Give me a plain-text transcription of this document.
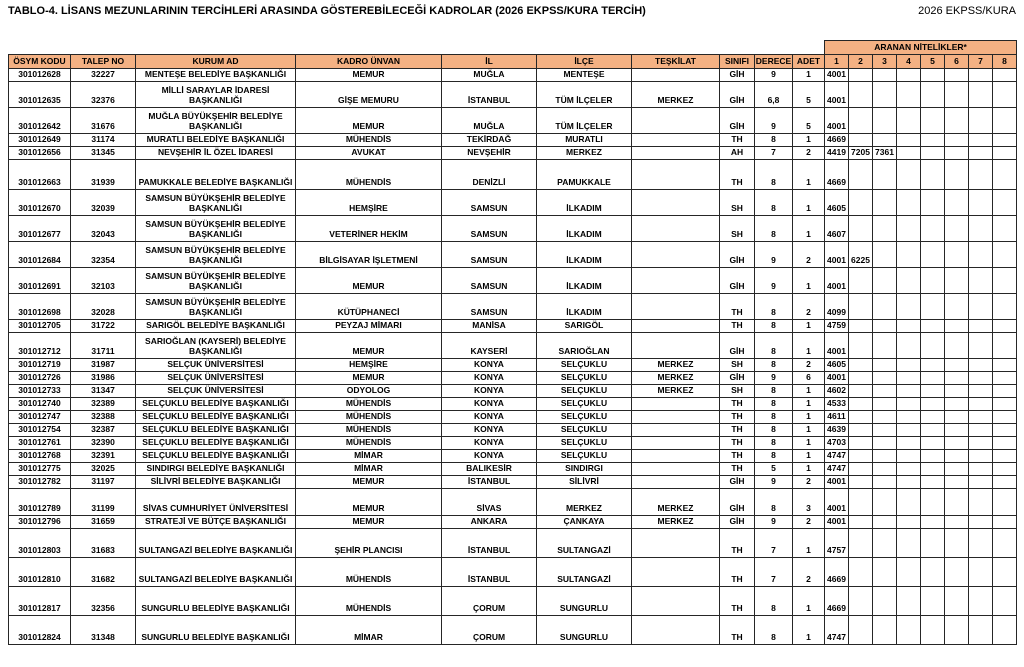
TABLO-4. LİSANS MEZUNLARININ TERCİHLERİ ARASINDA GÖSTEREBİLECEĞİ KADROLAR (2026 EKPSS/KURA TERCİH)	2026 EKPSS/KURA
										ARANAN NİTELİKLER*							
ÖSYM KODU	TALEP NO	KURUM AD	KADRO ÜNVAN	İL	İLÇE	TEŞKİLAT	SINIFI	DERECE	ADET	1	2	3	4	5	6	7	8
301012628	32227	MENTEŞE BELEDİYE BAŞKANLIĞI	MEMUR	MUĞLA	MENTEŞE		GİH	9	1	4001							
301012635	32376	MİLLİ SARAYLAR İDARESİ BAŞKANLIĞI	GİŞE MEMURU	İSTANBUL	TÜM İLÇELER	MERKEZ	GİH	6,8	5	4001							
301012642	31676	MUĞLA BÜYÜKŞEHİR BELEDİYE BAŞKANLIĞI	MEMUR	MUĞLA	TÜM İLÇELER		GİH	9	5	4001							
301012649	31174	MURATLI BELEDİYE BAŞKANLIĞI	MÜHENDİS	TEKİRDAĞ	MURATLI		TH	8	1	4669							
301012656	31345	NEVŞEHİR İL ÖZEL İDARESİ	AVUKAT	NEVŞEHİR	MERKEZ		AH	7	2	4419	7205	7361					
301012663	31939	PAMUKKALE BELEDİYE BAŞKANLIĞI	MÜHENDİS	DENİZLİ	PAMUKKALE		TH	8	1	4669							
301012670	32039	SAMSUN BÜYÜKŞEHİR BELEDİYE BAŞKANLIĞI	HEMŞİRE	SAMSUN	İLKADIM		SH	8	1	4605							
301012677	32043	SAMSUN BÜYÜKŞEHİR BELEDİYE BAŞKANLIĞI	VETERİNER HEKİM	SAMSUN	İLKADIM		SH	8	1	4607							
301012684	32354	SAMSUN BÜYÜKŞEHİR BELEDİYE BAŞKANLIĞI	BİLGİSAYAR İŞLETMENİ	SAMSUN	İLKADIM		GİH	9	2	4001	6225						
301012691	32103	SAMSUN BÜYÜKŞEHİR BELEDİYE BAŞKANLIĞI	MEMUR	SAMSUN	İLKADIM		GİH	9	1	4001							
301012698	32028	SAMSUN BÜYÜKŞEHİR BELEDİYE BAŞKANLIĞI	KÜTÜPHANECİ	SAMSUN	İLKADIM		TH	8	2	4099							
301012705	31722	SARIGÖL BELEDİYE BAŞKANLIĞI	PEYZAJ MİMARI	MANİSA	SARIGÖL		TH	8	1	4759							
301012712	31711	SARIOĞLAN (KAYSERİ) BELEDİYE BAŞKANLIĞI	MEMUR	KAYSERİ	SARIOĞLAN		GİH	8	1	4001							
301012719	31987	SELÇUK ÜNİVERSİTESİ	HEMŞİRE	KONYA	SELÇUKLU	MERKEZ	SH	8	2	4605							
301012726	31986	SELÇUK ÜNİVERSİTESİ	MEMUR	KONYA	SELÇUKLU	MERKEZ	GİH	9	6	4001							
301012733	31347	SELÇUK ÜNİVERSİTESİ	ODYOLOG	KONYA	SELÇUKLU	MERKEZ	SH	8	1	4602							
301012740	32389	SELÇUKLU BELEDİYE BAŞKANLIĞI	MÜHENDİS	KONYA	SELÇUKLU		TH	8	1	4533							
301012747	32388	SELÇUKLU BELEDİYE BAŞKANLIĞI	MÜHENDİS	KONYA	SELÇUKLU		TH	8	1	4611							
301012754	32387	SELÇUKLU BELEDİYE BAŞKANLIĞI	MÜHENDİS	KONYA	SELÇUKLU		TH	8	1	4639							
301012761	32390	SELÇUKLU BELEDİYE BAŞKANLIĞI	MÜHENDİS	KONYA	SELÇUKLU		TH	8	1	4703							
301012768	32391	SELÇUKLU BELEDİYE BAŞKANLIĞI	MİMAR	KONYA	SELÇUKLU		TH	8	1	4747							
301012775	32025	SINDIRGI BELEDİYE BAŞKANLIĞI	MİMAR	BALIKESİR	SINDIRGI		TH	5	1	4747							
301012782	31197	SİLİVRİ BELEDİYE BAŞKANLIĞI	MEMUR	İSTANBUL	SİLİVRİ		GİH	9	2	4001							
301012789	31199	SİVAS CUMHURİYET ÜNİVERSİTESİ	MEMUR	SİVAS	MERKEZ	MERKEZ	GİH	8	3	4001							
301012796	31659	STRATEJİ VE BÜTÇE BAŞKANLIĞI	MEMUR	ANKARA	ÇANKAYA	MERKEZ	GİH	9	2	4001							
301012803	31683	SULTANGAZİ BELEDİYE BAŞKANLIĞI	ŞEHİR PLANCISI	İSTANBUL	SULTANGAZİ		TH	7	1	4757							
301012810	31682	SULTANGAZİ BELEDİYE BAŞKANLIĞI	MÜHENDİS	İSTANBUL	SULTANGAZİ		TH	7	2	4669							
301012817	32356	SUNGURLU BELEDİYE BAŞKANLIĞI	MÜHENDİS	ÇORUM	SUNGURLU		TH	8	1	4669							
301012824	31348	SUNGURLU BELEDİYE BAŞKANLIĞI	MİMAR	ÇORUM	SUNGURLU		TH	8	1	4747							
